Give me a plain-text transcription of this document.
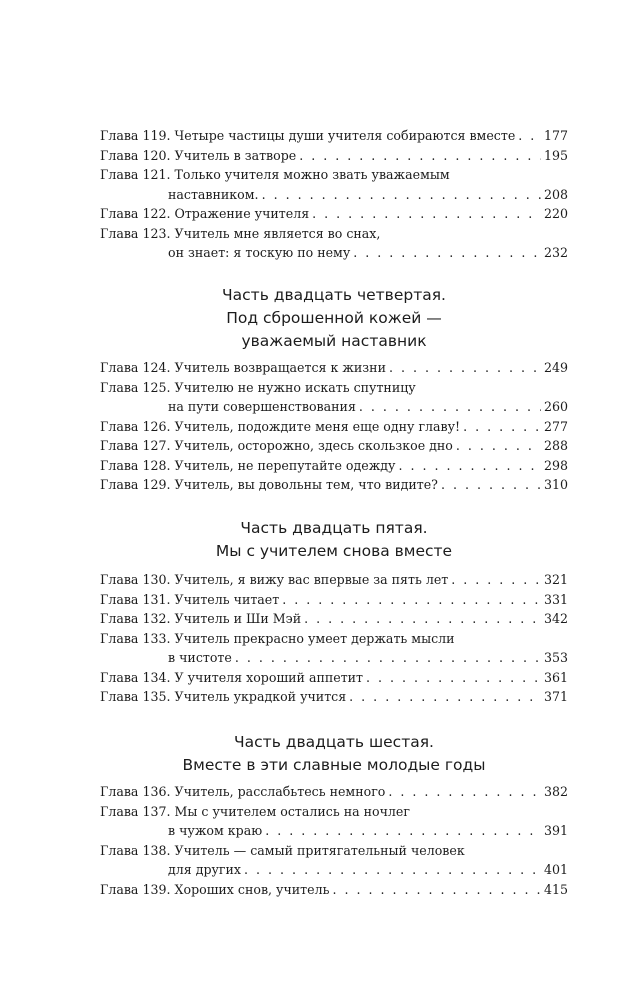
Глава 119. Четыре частицы души учителя собираются вместе . . . 177
Глава 120. Учитель в затворе . . .	195
Глава 121. Только учителя можно звать уважаемым
наставником. . . .	208
Глава 122. Отражение учителя . . .	220
Глава 123. Учитель мне является во снах,
он знает: я тоскую по нему . . .	232
Часть двадцать четвертая.
Под сброшенной кожей —
уважаемый наставник
Глава 124. Учитель возвращается к жизни . . .	249
Глава 125. Учителю не нужно искать спутницу
на пути совершенствования . . .	260
Глава 126. Учитель, подождите меня еще одну главу! . . .	277
Глава 127. Учитель, осторожно, здесь скользкое дно . . .	288
Глава 128. Учитель, не перепутайте одежду . . .	298
Глава 129. Учитель, вы довольны тем, что видите? . . .	310
Часть двадцать пятая.
Мы с учителем снова вместе
Глава 130. Учитель, я вижу вас впервые за пять лет . . .	321
Глава 131. Учитель читает . . .	331
Глава 132. Учитель и Ши Мэй . . .	342
Глава 133. Учитель прекрасно умеет держать мысли
в чистоте . . .	353
Глава 134. У учителя хороший аппетит . . .	361
Глава 135. Учитель украдкой учится . . .	371
Часть двадцать шестая.
Вместе в эти славные молодые годы
Глава 136. Учитель, расслабьтесь немного . . .	382
Глава 137. Мы с учителем остались на ночлег
в чужом краю . . .	391
Глава 138. Учитель — самый притягательный человек
для других . . .	401
Глава 139. Хороших снов, учитель . . .	415
